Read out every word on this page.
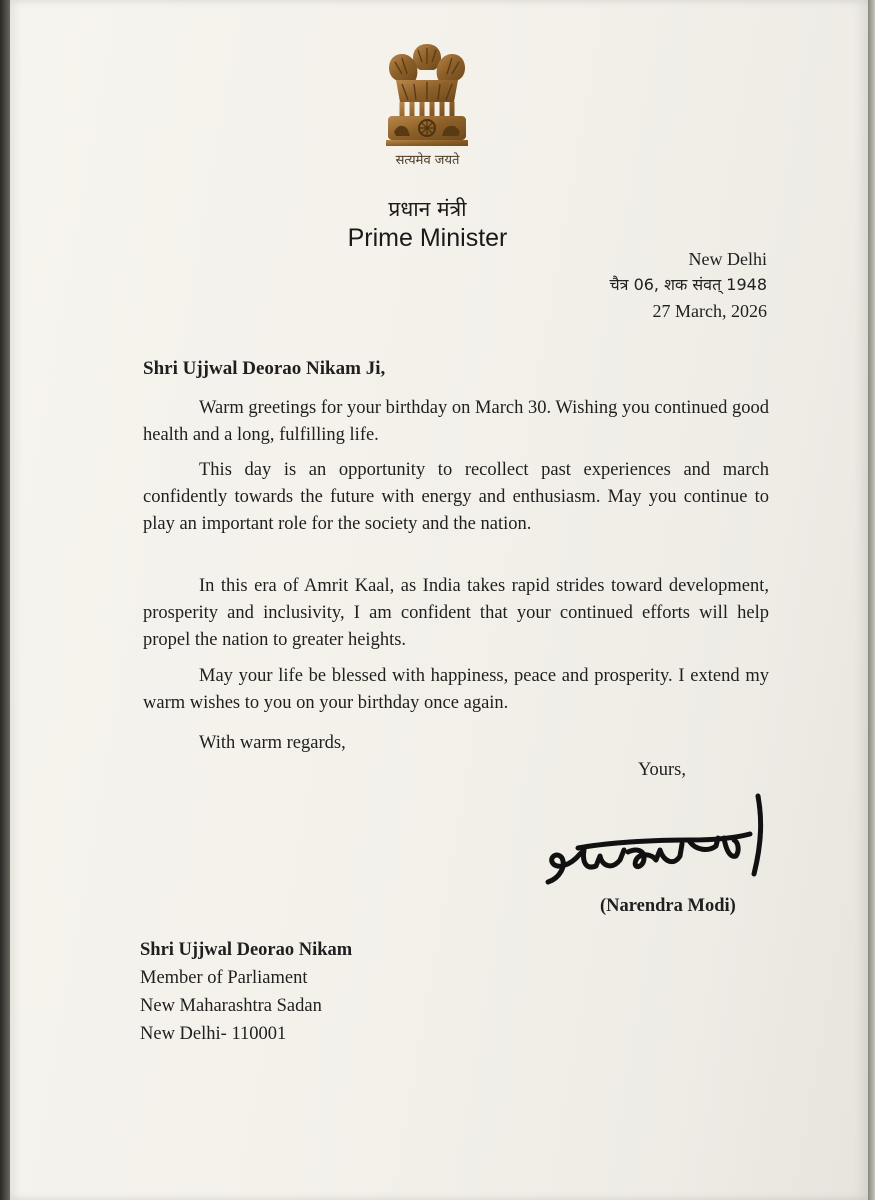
सत्यमेव जयते
प्रधान मंत्री
Prime Minister
New Delhi
चैत्र 06, शक संवत् 1948
27 March, 2026
Shri Ujjwal Deorao Nikam Ji,

Warm greetings for your birthday on March 30. Wishing you continued good health and a long, fulfilling life.

This day is an opportunity to recollect past experiences and march confidently towards the future with energy and enthusiasm. May you continue to play an important role for the society and the nation.

In this era of Amrit Kaal, as India takes rapid strides toward development, prosperity and inclusivity, I am confident that your continued efforts will help propel the nation to greater heights.

May your life be blessed with happiness, peace and prosperity. I extend my warm wishes to you on your birthday once again.

With warm regards,
Yours,
(Narendra Modi)
Shri Ujjwal Deorao Nikam
Member of Parliament
New Maharashtra Sadan
New Delhi- 110001
